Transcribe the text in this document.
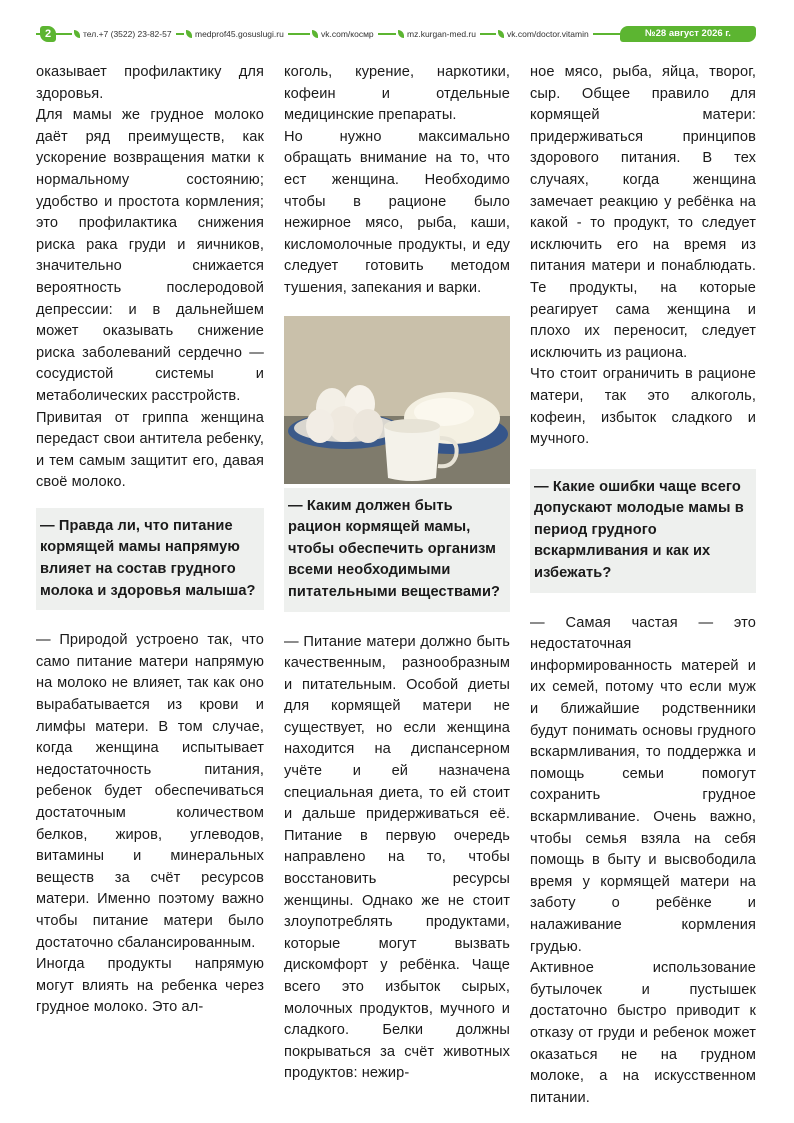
2	тел.+7 (3522) 23-82-57	medprof45.gosuslugi.ru	vk.com/космр	mz.kurgan-med.ru	vk.com/doctor.vitamin	№28 август 2026 г.

оказывает профилактику для здоровья.

Для мамы же грудное молоко даёт ряд преимуществ, как ускорение возвращения матки к нормальному состоянию; удобство и простота кормления; это профилактика снижения риска рака груди и яичников, значительно снижается вероятность послеродовой депрессии: и в дальнейшем может оказывать снижение риска заболеваний сердечно — сосудистой системы и метаболических расстройств.

Привитая от гриппа женщина передаст свои антитела ребенку, и тем самым защитит его, давая своё молоко.

— Правда ли, что питание кормящей мамы напрямую влияет на состав грудного молока и здоровья малыша?

— Природой устроено так, что само питание матери напрямую на молоко не влияет, так как оно вырабатывается из крови и лимфы матери. В том случае, когда женщина испытывает недостаточность питания, ребенок будет обеспечиваться достаточным количеством белков, жиров, углеводов, витамины и минеральных веществ за счёт ресурсов матери. Именно поэтому важно чтобы питание матери было достаточно сбалансированным.

Иногда продукты напрямую могут влиять на ребенка через грудное молоко. Это ал-

коголь, курение, наркотики, кофеин и отдельные медицинские препараты.

Но нужно максимально обращать внимание на то, что ест женщина. Необходимо чтобы в рационе было нежирное мясо, рыба, каши, кисломолочные продукты, и еду следует готовить методом тушения, запекания и варки.

— Каким должен быть рацион кормящей мамы, чтобы обеспечить организм всеми необходимыми питательными веществами?

— Питание матери должно быть качественным, разнообразным и питательным. Особой диеты для кормящей матери не существует, но если женщина находится на диспансерном учёте и ей назначена специальная диета, то ей стоит и дальше придерживаться её. Питание в первую очередь направлено на то, чтобы восстановить ресурсы женщины. Однако же не стоит злоупотреблять продуктами, которые могут вызвать дискомфорт у ребёнка. Чаще всего это избыток сырых, молочных продуктов, мучного и сладкого. Белки должны покрываться за счёт животных продуктов: нежир-

ное мясо, рыба, яйца, творог, сыр. Общее правило для кормящей матери: придерживаться принципов здорового питания. В тех случаях, когда женщина замечает реакцию у ребёнка на какой - то продукт, то следует исключить его на время из питания матери и понаблюдать. Те продукты, на которые реагирует сама женщина и плохо их переносит, следует исключить из рациона.

Что стоит ограничить в рационе матери, так это алкоголь, кофеин, избыток сладкого и мучного.

— Какие ошибки чаще всего допускают молодые мамы в период грудного вскармливания и как их избежать?

— Самая частая — это недостаточная информированность матерей и их семей, потому что если муж и ближайшие родственники будут понимать основы грудного вскармливания, то поддержка и помощь семьи помогут сохранить грудное вскармливание. Очень важно, чтобы семья взяла на себя помощь в быту и высвободила время у кормящей матери на заботу о ребёнке и налаживание кормления грудью.

Активное использование бутылочек и пустышек достаточно быстро приводит к отказу от груди и ребенок может оказаться не на грудном молоке, а на искусственном питании.
